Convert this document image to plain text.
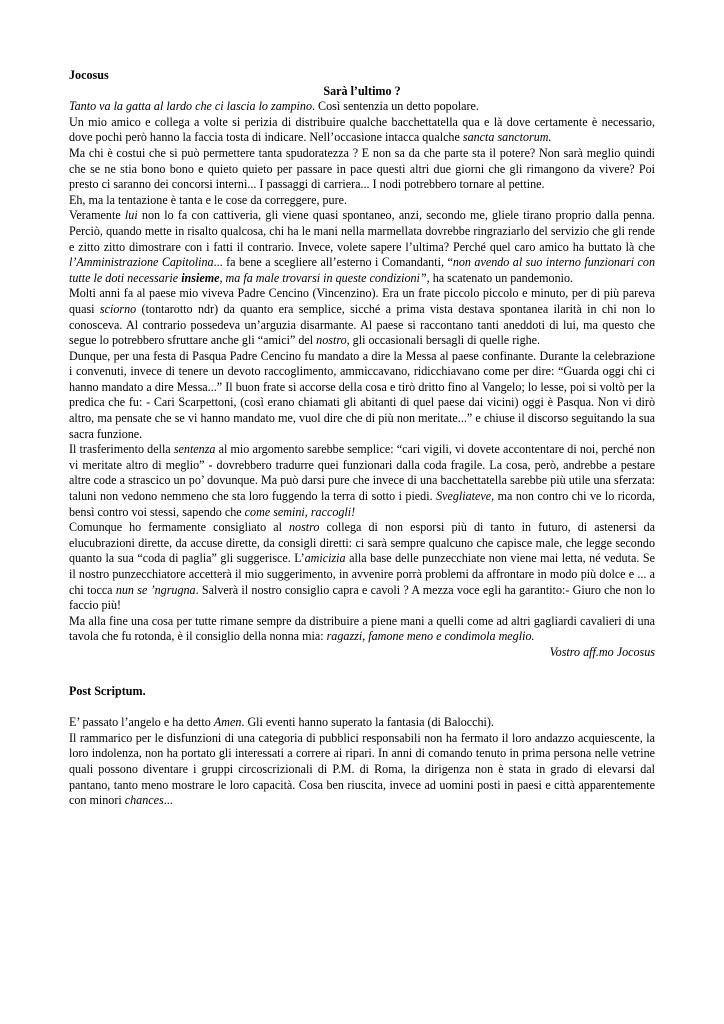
Jocosus

Sarà l’ultimo ?

Tanto va la gatta al lardo che ci lascia lo zampino. Così sentenzia un detto popolare.

Un mio amico e collega a volte si perizia di distribuire qualche bacchettatella qua e là dove certamente è necessario, dove pochi però hanno la faccia tosta di indicare. Nell’occasione intacca qualche sancta sanctorum.

Ma chi è costui che si può permettere tanta spudoratezza ? E non sa da che parte sta il potere? Non sarà meglio quindi che se ne stia bono bono e quieto quieto per passare in pace questi altri due giorni che gli rimangono da vivere? Poi presto ci saranno dei concorsi interni... I passaggi di carriera... I nodi potrebbero tornare al pettine.

Eh, ma la tentazione è tanta e le cose da correggere, pure.

Veramente lui non lo fa con cattiveria, gli viene quasi spontaneo, anzi, secondo me, gliele tirano proprio dalla penna. Perciò, quando mette in risalto qualcosa, chi ha le mani nella marmellata dovrebbe ringraziarlo del servizio che gli rende e zitto zitto dimostrare con i fatti il contrario. Invece, volete sapere l’ultima? Perché quel caro amico ha buttato là che l’Amministrazione Capitolina... fa bene a scegliere all’esterno i Comandanti, “non avendo al suo interno funzionari con tutte le doti necessarie insieme, ma fa male trovarsi in queste condizioni”, ha scatenato un pandemonio.

Molti anni fa al paese mio viveva Padre Cencino (Vincenzino). Era un frate piccolo piccolo e minuto, per di più pareva quasi sciorno (tontarotto ndr) da quanto era semplice, sicché a prima vista destava spontanea ilarità in chi non lo conosceva. Al contrario possedeva un’arguzia disarmante. Al paese si raccontano tanti aneddoti di lui, ma questo che segue lo potrebbero sfruttare anche gli “amici” del nostro, gli occasionali bersagli di quelle righe.

Dunque, per una festa di Pasqua Padre Cencino fu mandato a dire la Messa al paese confinante. Durante la celebrazione i convenuti, invece di tenere un devoto raccoglimento, ammiccavano, ridicchiavano come per dire: “Guarda oggi chi ci hanno mandato a dire Messa...” Il buon frate si accorse della cosa e tirò dritto fino al Vangelo; lo lesse, poi si voltò per la predica che fu: - Cari Scarpettoni, (così erano chiamati gli abitanti di quel paese dai vicini) oggi è Pasqua. Non vi dirò altro, ma pensate che se vi hanno mandato me, vuol dire che di più non meritate...” e chiuse il discorso seguitando la sua sacra funzione.

Il trasferimento della sentenza al mio argomento sarebbe semplice: “cari vigili, vi dovete accontentare di noi, perché non vi meritate altro di meglio” - dovrebbero tradurre quei funzionari dalla coda fragile. La cosa, però, andrebbe a pestare altre code a strascico un po’ dovunque. Ma può darsi pure che invece di una bacchettatella sarebbe più utile una sferzata: taluni non vedono nemmeno che sta loro fuggendo la terra di sotto i piedi. Svegliateve, ma non contro chi ve lo ricorda, bensì contro voi stessi, sapendo che come semini, raccogli!

Comunque ho fermamente consigliato al nostro collega di non esporsi più di tanto in futuro, di astenersi da elucubrazioni dirette, da accuse dirette, da consigli diretti: ci sarà sempre qualcuno che capisce male, che legge secondo quanto la sua “coda di paglia” gli suggerisce. L’amicizia alla base delle punzecchiate non viene mai letta, né veduta. Se il nostro punzecchiatore accetterà il mio suggerimento, in avvenire porrà problemi da affrontare in modo più dolce e ... a chi tocca nun se ’ngrugna. Salverà il nostro consiglio capra e cavoli ? A mezza voce egli ha garantito:- Giuro che non lo faccio più!

Ma alla fine una cosa per tutte rimane sempre da distribuire a piene mani a quelli come ad altri gagliardi cavalieri di una tavola che fu rotonda, è il consiglio della nonna mia: ragazzi, famone meno e condimola meglio.

Vostro aff.mo Jocosus

Post Scriptum.

E’ passato l’angelo e ha detto Amen. Gli eventi hanno superato la fantasia (di Balocchi).

Il rammarico per le disfunzioni di una categoria di pubblici responsabili non ha fermato il loro andazzo acquiescente, la loro indolenza, non ha portato gli interessati a correre ai ripari. In anni di comando tenuto in prima persona nelle vetrine quali possono diventare i gruppi circoscrizionali di P.M. di Roma, la dirigenza non è stata in grado di elevarsi dal pantano, tanto meno mostrare le loro capacità. Cosa ben riuscita, invece ad uomini posti in paesi e città apparentemente con minori chances...
